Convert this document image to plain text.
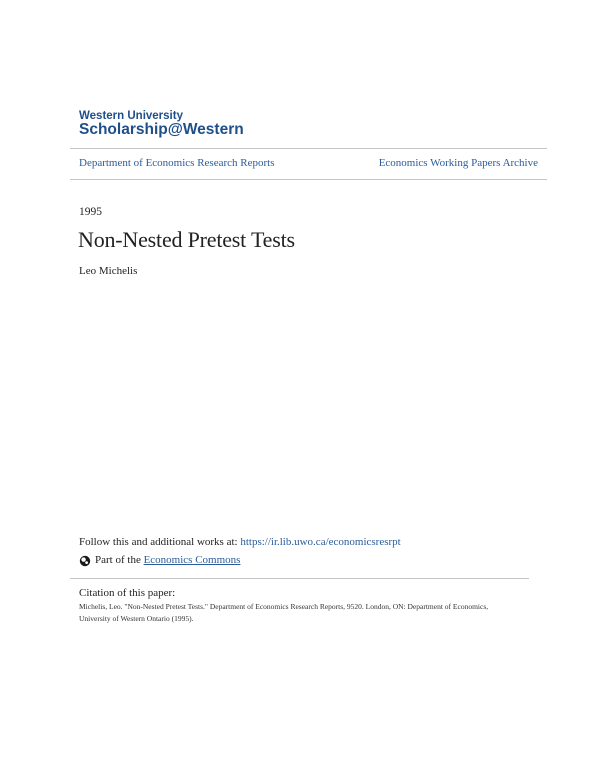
Western University
Scholarship@Western
Department of Economics Research Reports	Economics Working Papers Archive
1995
Non-Nested Pretest Tests
Leo Michelis
Follow this and additional works at: https://ir.lib.uwo.ca/economicsresrpt
Part of the Economics Commons
Citation of this paper:
Michelis, Leo. "Non-Nested Pretest Tests." Department of Economics Research Reports, 9520. London, ON: Department of Economics, University of Western Ontario (1995).
